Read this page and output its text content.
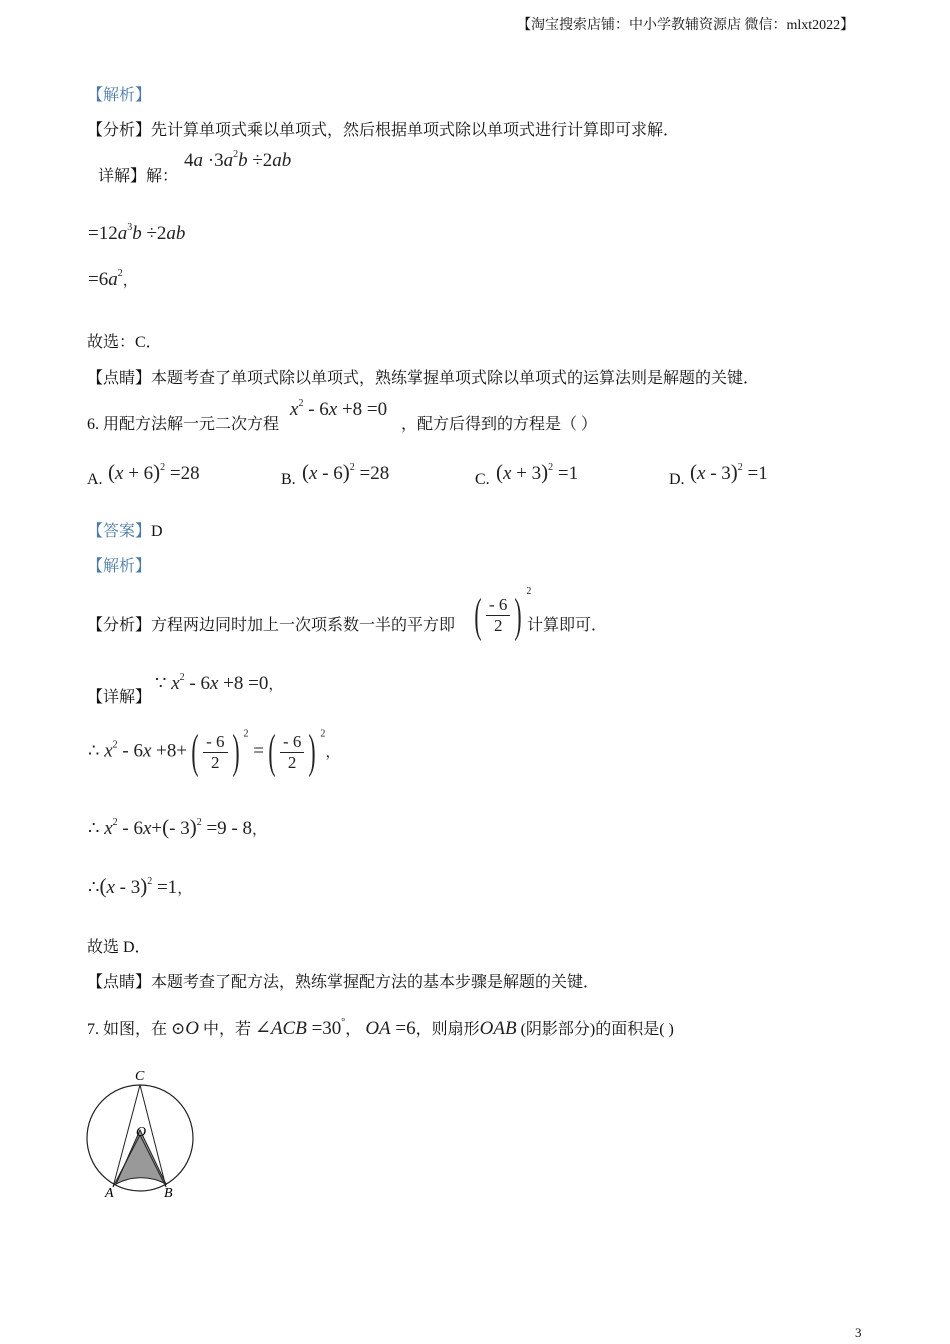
【淘宝搜索店铺：中小学教辅资源店 微信：mlxt2022】
【解析】
【分析】先计算单项式乘以单项式，然后根据单项式除以单项式进行计算即可求解．
详解】解：
$4a \cdot 3a^2b \div 2ab$
$=12a^3b \div 2ab$
$=6a^2$，
故选：C．
【点睛】本题考查了单项式除以单项式，熟练掌握单项式除以单项式的运算法则是解题的关键．
6. 用配方法解一元二次方程
$x^2 - 6x +8 =0$
，配方后得到的方程是（ ）
A. $(x + 6)^2 =28$	B. (x - 6)$^2$ =28	C. $(x + 3)^2 =1$	D. (x - 3)$^2$ =1
【答案】D
【解析】
【分析】方程两边同时加上一次项系数一半的平方即 ( $\frac{- 6}{2}$ ) $^2$
计算即可．
【详解】
∵ $x^2 - 6x +8 =0$，
∴ $x^2 - 6x +8+( \frac{- 6}{2}$ ) $^2$ =( $\frac{- 6}{2}$ ) $^2$，
∴ $x^2 - 6x+(-$ 3)$^2$ =9 - 8，
∴(x - 3)$^2$ =1，
故选 D．
【点睛】本题考查了配方法，熟练掌握配方法的基本步骤是解题的关键．
7. 如图，在 ⊙O 中，若 ∠ACB =30°， OA =6，则扇形OAB (阴影部分)的面积是( )
C
O
A	B
3
